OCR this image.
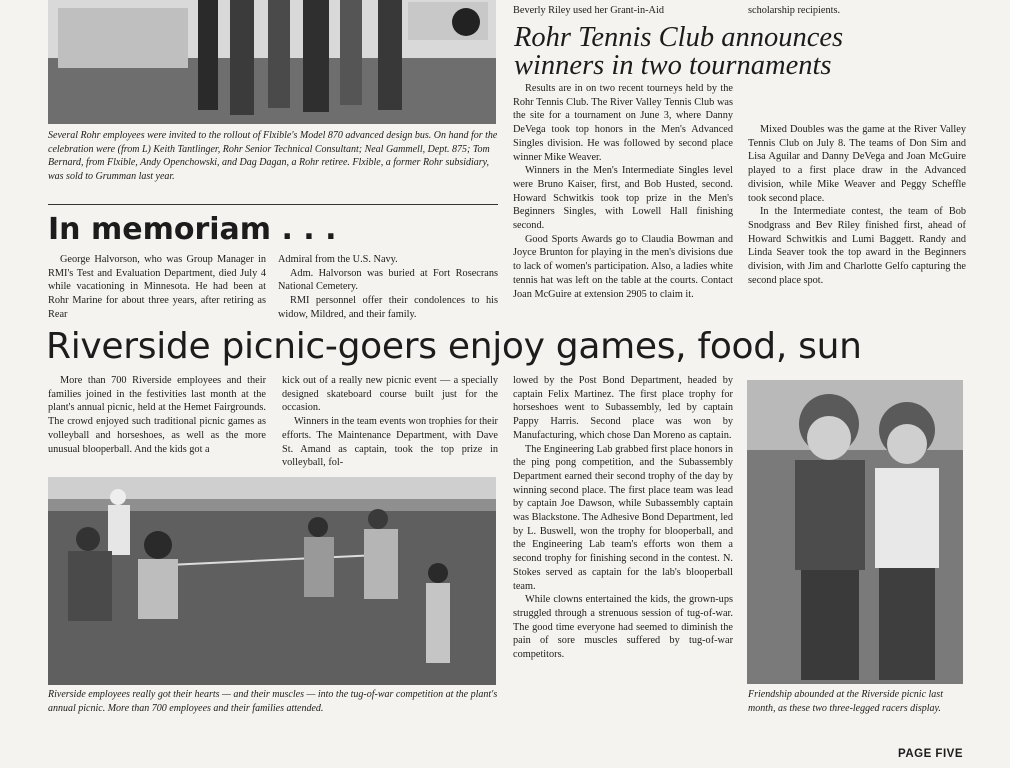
Several Rohr employees were invited to the rollout of Flxible's Model 870 advanced design bus. On hand for the celebration were (from L) Keith Tantlinger, Rohr Senior Technical Consultant; Neal Gammell, Dept. 875; Tom Bernard, from Flxible, Andy Openchowski, and Dag Dagan, a Rohr retiree. Flxible, a former Rohr subsidiary, was sold to Grumman last year.
Beverly Riley used her Grant-in-Aid	scholarship recipients.
Rohr Tennis Club announces
winners in two tournaments

Results are in on two recent tourneys held by the Rohr Tennis Club. The River Valley Tennis Club was the site for a tournament on June 3, where Danny DeVega took top honors in the Men's Advanced Singles division. He was followed by second place winner Mike Weaver.

Winners in the Men's Intermediate Singles level were Bruno Kaiser, first, and Bob Husted, second. Howard Schwitkis took top prize in the Men's Beginners Singles, with Lowell Hall finishing second.

Good Sports Awards go to Claudia Bowman and Joyce Brunton for playing in the men's divisions due to lack of women's participation. Also, a ladies white tennis hat was left on the table at the courts. Contact Joan McGuire at extension 2905 to claim it.

Mixed Doubles was the game at the River Valley Tennis Club on July 8. The teams of Don Sim and Lisa Aguilar and Danny DeVega and Joan McGuire played to a first place draw in the Advanced division, while Mike Weaver and Peggy Scheffle took second place.

In the Intermediate contest, the team of Bob Snodgrass and Bev Riley finished first, ahead of Howard Schwitkis and Lumi Baggett. Randy and Linda Seaver took the top award in the Beginners division, with Jim and Charlotte Gelfo capturing the second place spot.

In memoriam . . .

George Halvorson, who was Group Manager in RMI's Test and Evaluation Department, died July 4 while vacationing in Minnesota. He had been at Rohr Marine for about three years, after retiring as Rear

Admiral from the U.S. Navy.

Adm. Halvorson was buried at Fort Rosecrans National Cemetery.

RMI personnel offer their condolences to his widow, Mildred, and their family.

Riverside picnic-goers enjoy games, food, sun

More than 700 Riverside employees and their families joined in the festivities last month at the plant's annual picnic, held at the Hemet Fairgrounds. The crowd enjoyed such traditional picnic games as volleyball and horseshoes, as well as the more unusual blooperball. And the kids got a

kick out of a really new picnic event — a specially designed skateboard course built just for the occasion.

Winners in the team events won trophies for their efforts. The Maintenance Department, with Dave St. Amand as captain, took the top prize in volleyball, fol-

Riverside employees really got their hearts — and their muscles — into the tug-of-war competition at the plant's annual picnic. More than 700 employees and their families attended.

lowed by the Post Bond Department, headed by captain Felix Martinez. The first place trophy for horseshoes went to Subassembly, led by captain Pappy Harris. Second place was won by Manufacturing, which chose Dan Moreno as captain.

The Engineering Lab grabbed first place honors in the ping pong competition, and the Subassembly Department earned their second trophy of the day by winning second place. The first place team was lead by captain Joe Dawson, while Subassembly captain was Blackstone. The Adhesive Bond Department, led by L. Buswell, won the trophy for blooperball, and the Engineering Lab team's efforts won them a second trophy for finishing second in the contest. N. Stokes served as captain for the lab's blooperball team.

While clowns entertained the kids, the grown-ups struggled through a strenuous session of tug-of-war. The good time everyone had seemed to diminish the pain of sore muscles suffered by tug-of-war competitors.

Friendship abounded at the Riverside picnic last month, as these two three-legged racers display.
PAGE FIVE
